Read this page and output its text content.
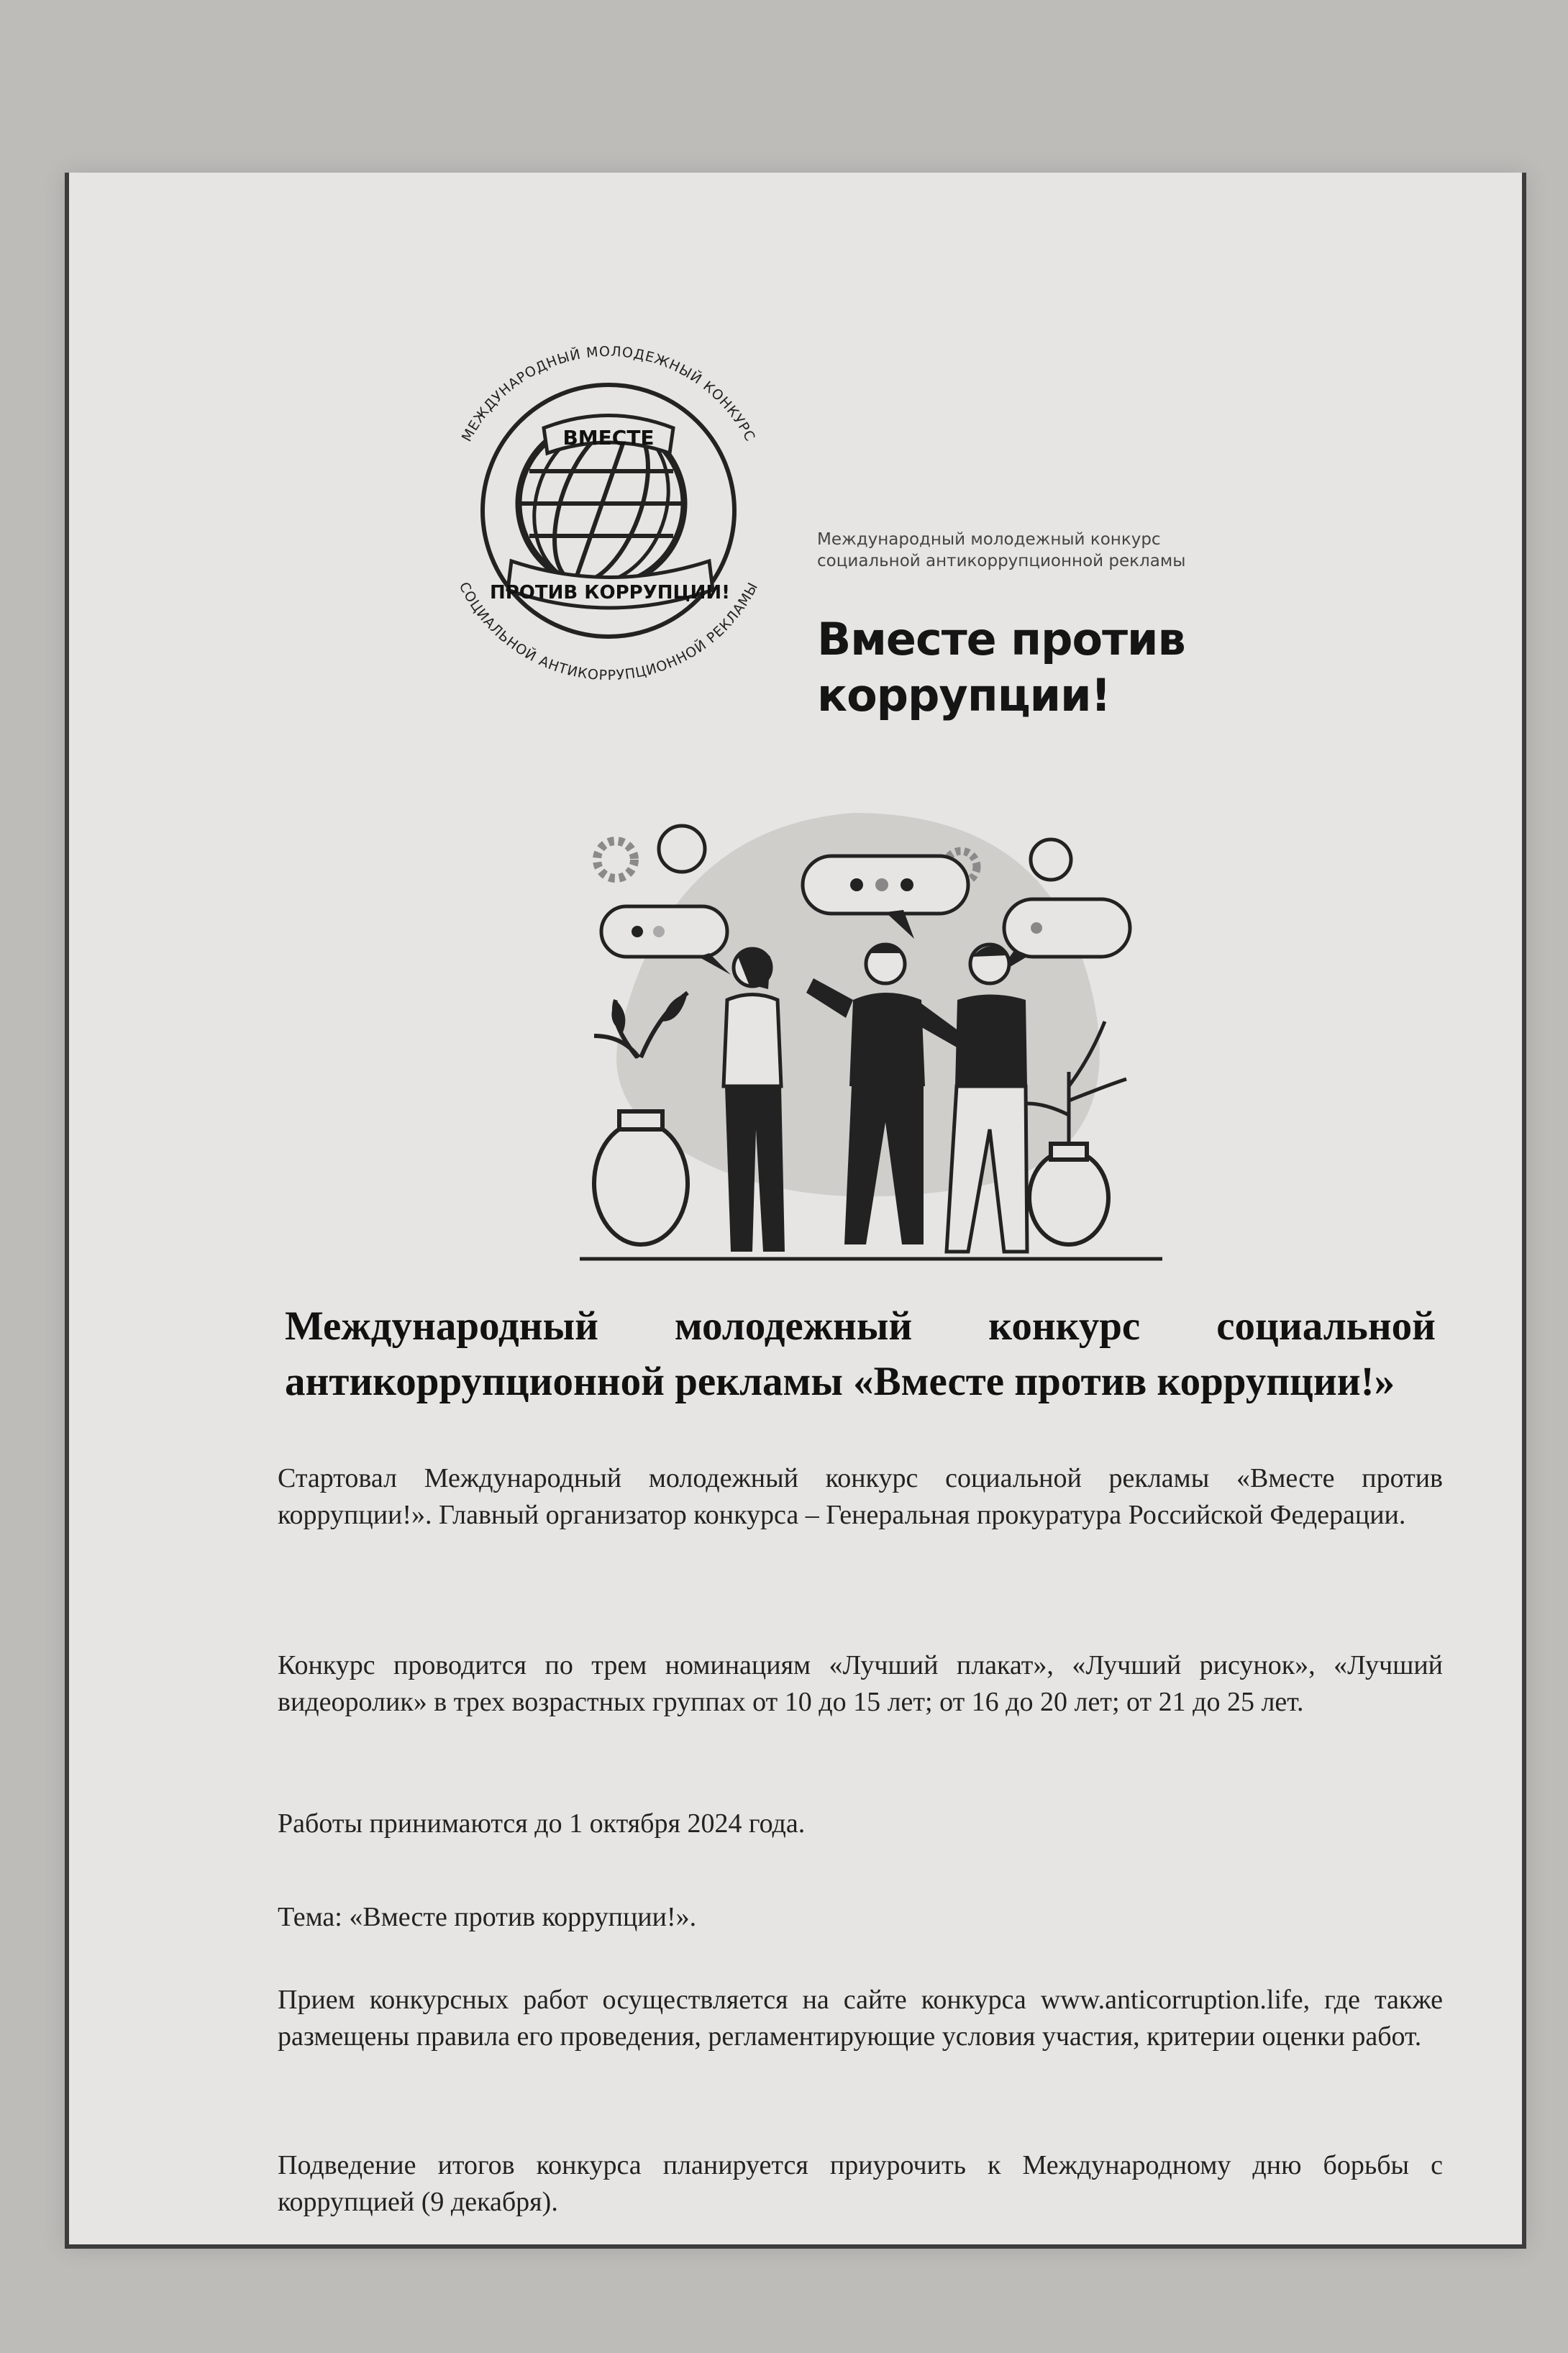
ВМЕСТЕ
ПРОТИВ КОРРУПЦИИ!
МЕЖДУНАРОДНЫЙ МОЛОДЕЖНЫЙ КОНКУРС
СОЦИАЛЬНОЙ АНТИКОРРУПЦИОННОЙ РЕКЛАМЫ
Международный молодежный конкурс
социальной антикоррупционной рекламы
Вместе против
коррупции!
Международный молодежный конкурс социальной антикоррупционной рекламы «Вместе против коррупции!»

Стартовал Международный молодежный конкурс социальной рекламы «Вместе против коррупции!». Главный организатор конкурса – Генеральная прокуратура Российской Федерации.

Конкурс проводится по трем номинациям «Лучший плакат», «Лучший рисунок», «Лучший видеоролик» в трех возрастных группах от 10 до 15 лет; от 16 до 20 лет; от 21 до 25 лет.

Работы принимаются до 1 октября 2024 года.

Тема: «Вместе против коррупции!».

Прием конкурсных работ осуществляется на сайте конкурса www.anticorruption.life, где также размещены правила его проведения, регламентирующие условия участия, критерии оценки работ.

Подведение итогов конкурса планируется приурочить к Международному дню борьбы с коррупцией (9 декабря).
